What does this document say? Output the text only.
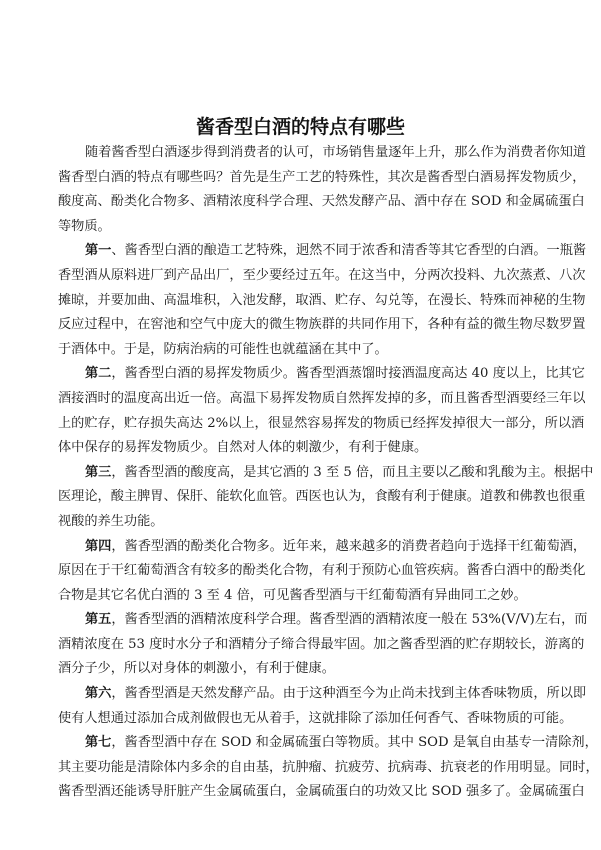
酱香型白酒的特点有哪些
随着酱香型白酒逐步得到消费者的认可，市场销售量逐年上升，那么作为消费者你知道
酱香型白酒的特点有哪些吗？首先是生产工艺的特殊性，其次是酱香型白酒易挥发物质少，
酸度高、酚类化合物多、酒精浓度科学合理、天然发酵产品、酒中存在 SOD 和金属硫蛋白
等物质。
第一、酱香型白酒的酿造工艺特殊，迥然不同于浓香和清香等其它香型的白酒。一瓶酱
香型酒从原料进厂到产品出厂，至少要经过五年。在这当中，分两次投料、九次蒸煮、八次
摊晾，并要加曲、高温堆积，入池发酵，取酒、贮存、勾兑等，在漫长、特殊而神秘的生物
反应过程中，在窖池和空气中庞大的微生物族群的共同作用下，各种有益的微生物尽数罗置
于酒体中。于是，防病治病的可能性也就蕴涵在其中了。
第二，酱香型白酒的易挥发物质少。酱香型酒蒸馏时接酒温度高达 40 度以上，比其它
酒接酒时的温度高出近一倍。高温下易挥发物质自然挥发掉的多，而且酱香型酒要经三年以
上的贮存，贮存损失高达 2%以上，很显然容易挥发的物质已经挥发掉很大一部分，所以酒
体中保存的易挥发物质少。自然对人体的刺激少，有利于健康。
第三，酱香型酒的酸度高，是其它酒的 3 至 5 倍，而且主要以乙酸和乳酸为主。根据中
医理论，酸主脾胃、保肝、能软化血管。西医也认为，食酸有利于健康。道教和佛教也很重
视酸的养生功能。
第四，酱香型酒的酚类化合物多。近年来，越来越多的消费者趋向于选择干红葡萄酒，
原因在于干红葡萄酒含有较多的酚类化合物，有利于预防心血管疾病。酱香白酒中的酚类化
合物是其它名优白酒的 3 至 4 倍，可见酱香型酒与干红葡萄酒有异曲同工之妙。
第五，酱香型酒的酒精浓度科学合理。酱香型酒的酒精浓度一般在 53%(V/V)左右，而
酒精浓度在 53 度时水分子和酒精分子缔合得最牢固。加之酱香型酒的贮存期较长，游离的
酒分子少，所以对身体的刺激小，有利于健康。
第六，酱香型酒是天然发酵产品。由于这种酒至今为止尚未找到主体香味物质，所以即
使有人想通过添加合成剂做假也无从着手，这就排除了添加任何香气、香味物质的可能。
第七，酱香型酒中存在 SOD 和金属硫蛋白等物质。其中 SOD 是氧自由基专一清除剂，
其主要功能是清除体内多余的自由基，抗肿瘤、抗疲劳、抗病毒、抗衰老的作用明显。同时，
酱香型酒还能诱导肝脏产生金属硫蛋白，金属硫蛋白的功效又比 SOD 强多了。金属硫蛋白
